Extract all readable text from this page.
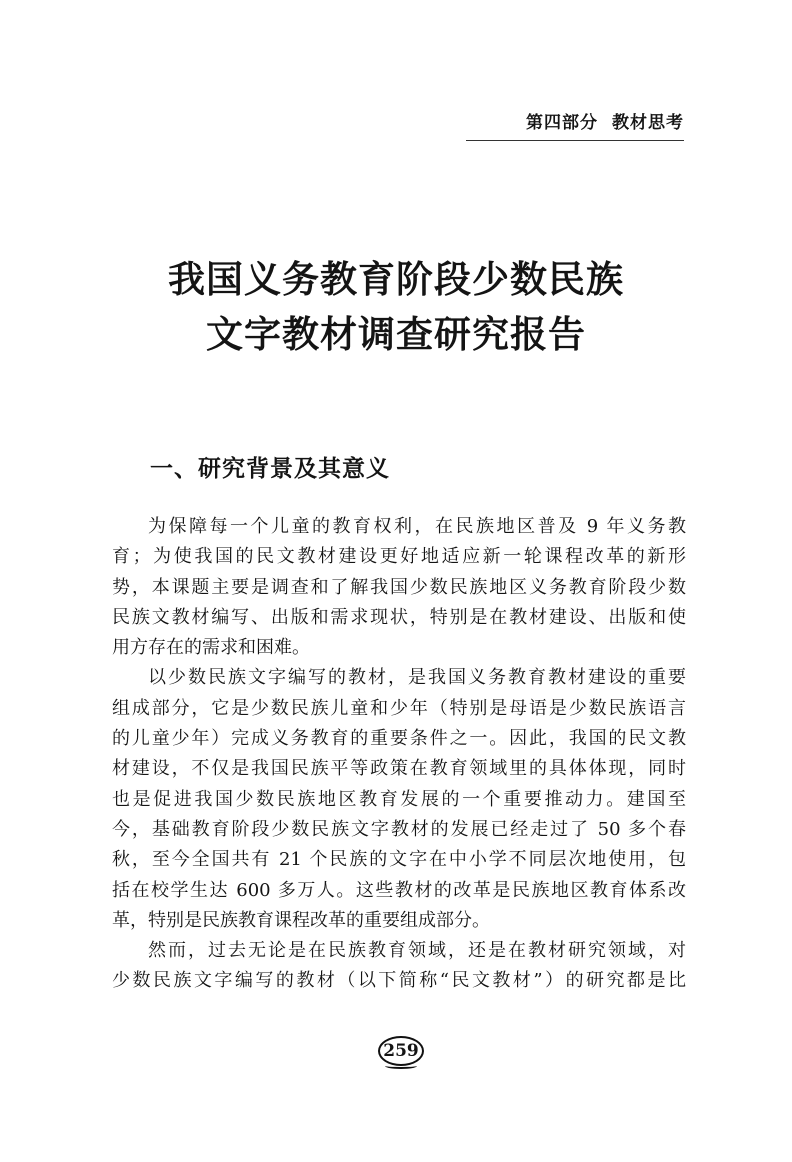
第四部分 教材思考
我国义务教育阶段少数民族
文字教材调查研究报告
一、研究背景及其意义
为保障每一个儿童的教育权利，在民族地区普及 9 年义务教
育；为使我国的民文教材建设更好地适应新一轮课程改革的新形
势，本课题主要是调查和了解我国少数民族地区义务教育阶段少数
民族文教材编写、出版和需求现状，特别是在教材建设、出版和使
用方存在的需求和困难。
以少数民族文字编写的教材，是我国义务教育教材建设的重要
组成部分，它是少数民族儿童和少年（特别是母语是少数民族语言
的儿童少年）完成义务教育的重要条件之一。因此，我国的民文教
材建设，不仅是我国民族平等政策在教育领域里的具体体现，同时
也是促进我国少数民族地区教育发展的一个重要推动力。建国至
今，基础教育阶段少数民族文字教材的发展已经走过了 50 多个春
秋，至今全国共有 21 个民族的文字在中小学不同层次地使用，包
括在校学生达 600 多万人。这些教材的改革是民族地区教育体系改
革，特别是民族教育课程改革的重要组成部分。
然而，过去无论是在民族教育领域，还是在教材研究领域，对
少数民族文字编写的教材（以下简称“民文教材”）的研究都是比
259
